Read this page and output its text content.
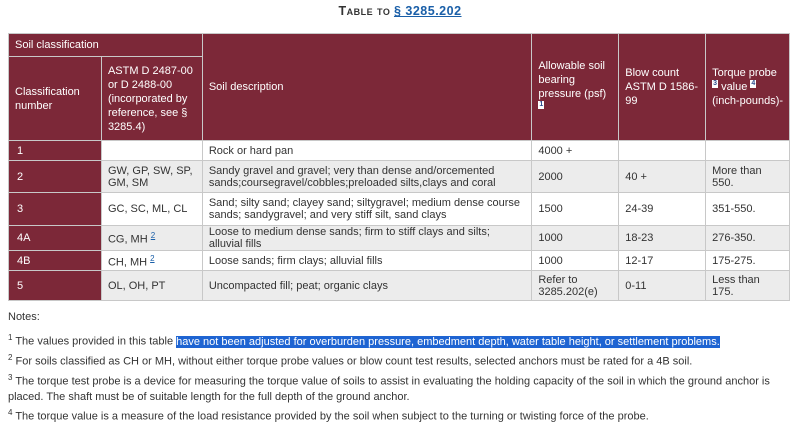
Table to § 3285.202
Soil classification		Soil description	Allowable soil bearing pressure (psf) 1	Blow count ASTM D 1586-99	Torque probe 3 value 4 (inch-pounds)-
Classification number	ASTM D 2487-00 or D 2488-00 (incorporated by reference, see § 3285.4)				
1		Rock or hard pan	4000 +		
2	GW, GP, SW, SP, GM, SM	Sandy gravel and gravel; very than dense and/orcemented sands;coursegravel/cobbles;preloaded silts,clays and coral	2000	40 +	More than 550.
3	GC, SC, ML, CL	Sand; silty sand; clayey sand; siltygravel; medium dense course sands; sandygravel; and very stiff silt, sand clays	1500	24-39	351-550.
4A	CG, MH $^2$	Loose to medium dense sands; firm to stiff clays and silts; alluvial fills	1000	18-23	276-350.
4B	CH, MH $^2$	Loose sands; firm clays; alluvial fills	1000	12-17	175-275.
5	OL, OH, PT	Uncompacted fill; peat; organic clays	Refer to 3285.202(e)	0-11	Less than 175.
Notes:
$^1$ The values provided in this table have not been adjusted for overburden pressure, embedment depth, water table height, or settlement problems.
$^2$ For soils classified as CH or MH, without either torque probe values or blow count test results, selected anchors must be rated for a 4B soil.
$^3$ The torque test probe is a device for measuring the torque value of soils to assist in evaluating the holding capacity of the soil in which the ground anchor is placed. The shaft must be of suitable length for the full depth of the ground anchor.
$^4$ The torque value is a measure of the load resistance provided by the soil when subject to the turning or twisting force of the probe.
